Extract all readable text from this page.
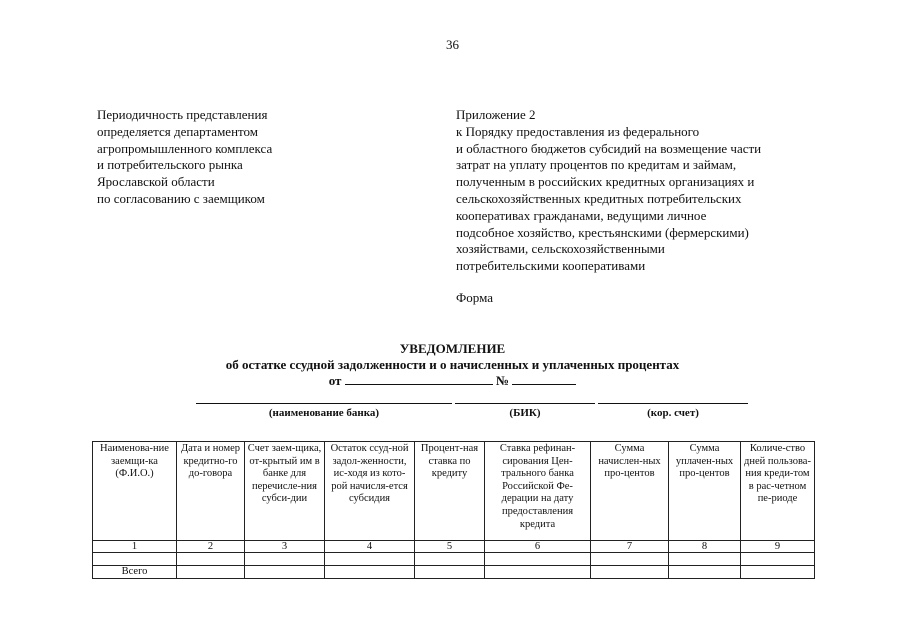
36
Периодичность представления
определяется департаментом
агропромышленного комплекса
и потребительского рынка
Ярославской области
по согласованию с заемщиком
Приложение 2
к Порядку предоставления из федерального
и областного бюджетов субсидий на возмещение части
затрат на уплату процентов по кредитам и займам,
полученным в российских кредитных организациях и
сельскохозяйственных кредитных потребительских
кооперативах гражданами, ведущими личное
подсобное хозяйство, крестьянскими (фермерскими)
хозяйствами, сельскохозяйственными
потребительскими кооперативами
Форма
УВЕДОМЛЕНИЕ
об остатке ссудной задолженности и о начисленных и уплаченных процентах
от	№
(наименование банка)	(БИК)	(кор. счет)
Наименова-ние заемщи-ка (Ф.И.О.)	Дата и номер кредитно-го до-говора	Счет заем-щика, от-крытый им в банке для перечисле-ния субси-дии	Остаток ссуд-ной задол-женности, ис-ходя из кото-рой начисля-ется субсидия	Процент-ная ставка по кредиту	Ставка рефинан-сирования Цен-трального банка Российской Фе-дерации на дату предоставления кредита	Сумма начислен-ных про-центов	Сумма уплачен-ных про-центов	Количе-ство дней пользова-ния креди-том в рас-четном пе-риоде
1	2	3	4	5	6	7	8	9

Всего								
